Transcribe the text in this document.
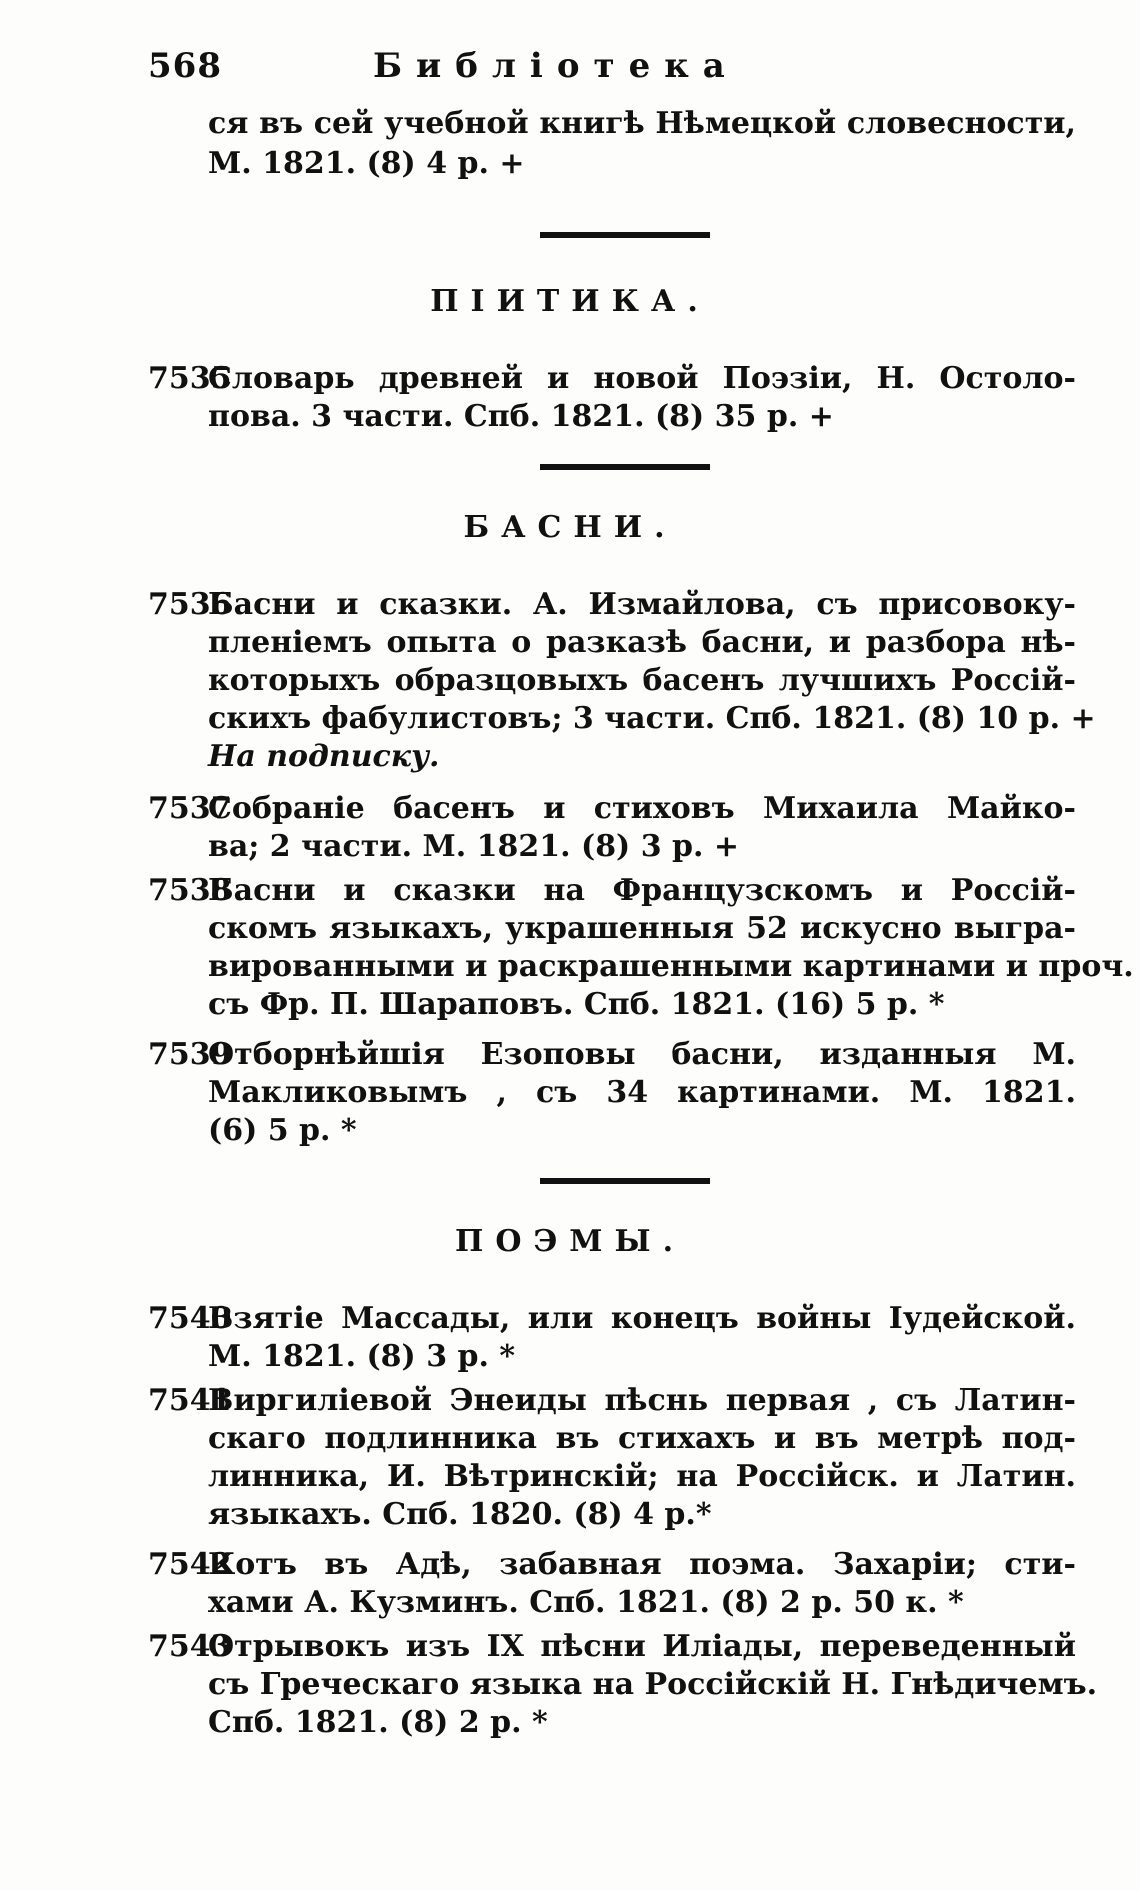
568	Библіотека
ся въ сей учебной книгѣ Нѣмецкой словесности,
М. 1821. (8) 4 р. +
ПІИТИКА.
7535
Словарь древней и новой Поэзіи, Н. Остоло-
пова. 3 части. Спб. 1821. (8) 35 р. +
БАСНИ.
7536
Басни и сказки. А. Измайлова, съ присовоку-
пленіемъ опыта о разказѣ басни, и разбора нѣ-
которыхъ образцовыхъ басенъ лучшихъ Россій-
скихъ фабулистовъ; 3 части. Спб. 1821. (8) 10 р. +
На подписку.
7537
Собраніе басенъ и стиховъ Михаила Майко-
ва; 2 части. М. 1821. (8) 3 р. +
7538
Басни и сказки на Французскомъ и Россій-
скомъ языкахъ, украшенныя 52 искусно выгра-
вированными и раскрашенными картинами и проч.
съ Фр. П. Шараповъ. Спб. 1821. (16) 5 р. *
7539
Отборнѣйшія Езоповы басни, изданныя М.
Макликовымъ , съ 34 картинами. М. 1821.
(6) 5 р. *
ПОЭМЫ.
7540
Взятіе Массады, или конецъ войны Іудейской.
М. 1821. (8) 3 р. *
7541
Виргиліевой Энеиды пѣснь первая , съ Латин-
скаго подлинника въ стихахъ и въ метрѣ под-
линника, И. Вѣтринскій; на Россійск. и Латин.
языкахъ. Спб. 1820. (8) 4 р.*
7542
Котъ въ Адѣ, забавная поэма. Захаріи; сти-
хами А. Кузминъ. Спб. 1821. (8) 2 р. 50 к. *
7543
Отрывокъ изъ IX пѣсни Иліады, переведенный
съ Греческаго языка на Россійскій Н. Гнѣдичемъ.
Спб. 1821. (8) 2 р. *
